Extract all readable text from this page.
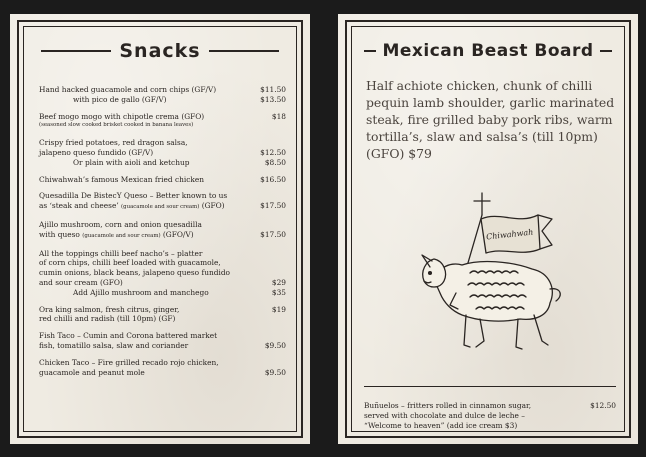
Snacks
Hand hacked guacamole and corn chips (GF/V)	$11.50
with pico de gallo (GF/V)	$13.50
Beef mogo mogo with chipotle crema (GFO)	$18
(seasoned slow cooked brisket cooked in banana leaves)
Crispy fried potatoes, red dragon salsa,
jalapeno queso fundido (GF/V)	$12.50
Or plain with aioli and ketchup	$8.50
Chiwahwah’s famous Mexican fried chicken	$16.50
Quesadilla De BistecY Queso – Better known to us
as ‘steak and cheese’ (guacamole and sour cream) (GFO)	$17.50
Ajillo mushroom, corn and onion quesadilla
with queso (guacamole and sour cream) (GFO/V)	$17.50
All the toppings chilli beef nacho’s – platter
of corn chips, chilli beef loaded with guacamole,
cumin onions, black beans, jalapeno queso fundido
and sour cream (GFO)	$29
Add Ajillo mushroom and manchego	$35
Ora king salmon, fresh citrus, ginger,	$19
red chilli and radish (till 10pm) (GF)
Fish Taco – Cumin and Corona battered market
fish, tomatillo salsa, slaw and coriander	$9.50
Chicken Taco – Fire grilled recado rojo chicken,
guacamole and peanut mole	$9.50
Mexican Beast Board
Half achiote chicken, chunk of chilli pequin lamb shoulder, garlic marinated steak, fire grilled baby pork ribs, warm tortilla’s, slaw and salsa’s (till 10pm) (GFO) $79
Chiwahwah
Buñuelos – fritters rolled in cinnamon sugar,
served with chocolate and dulce de leche –
“Welcome to heaven” (add ice cream $3)
$12.50
